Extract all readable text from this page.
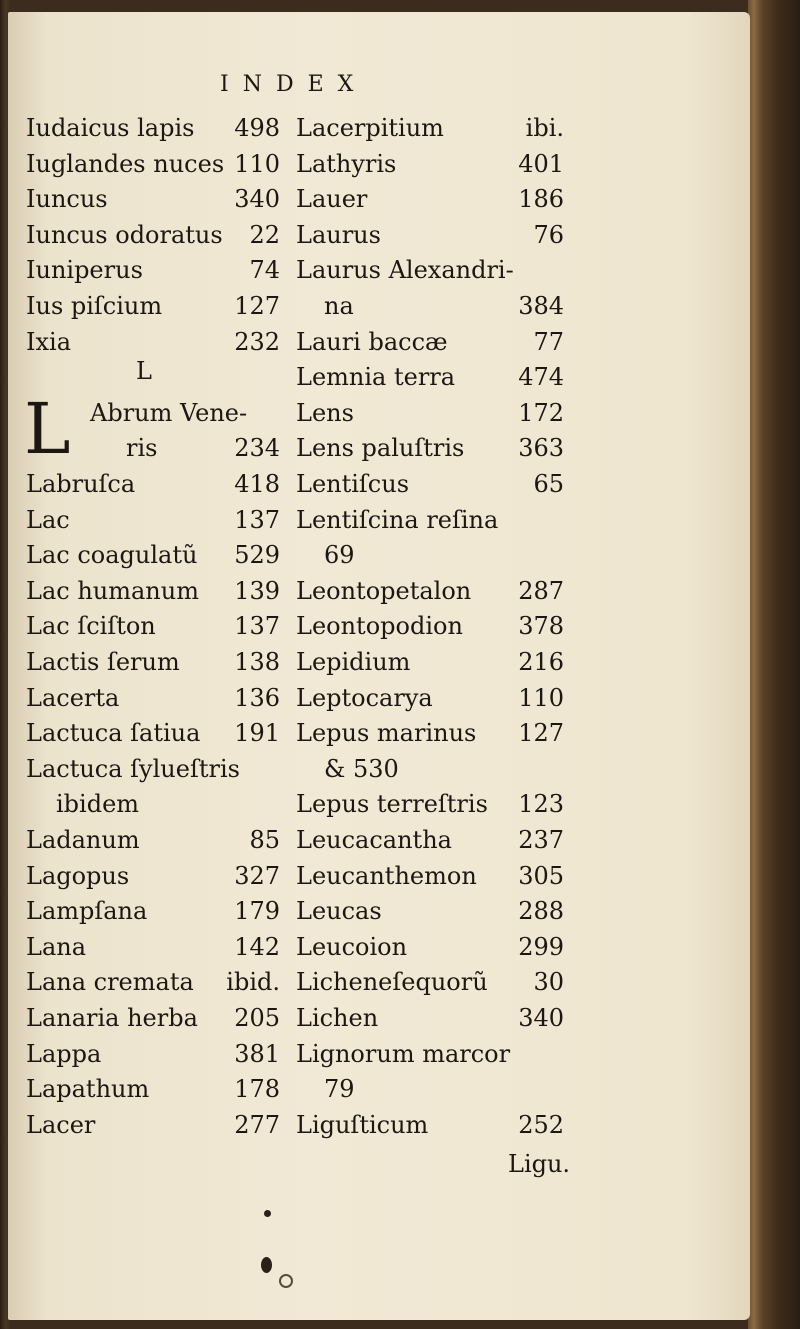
INDEX
L
L
Iudaicus lapis 498
Iuglandes nuces 110
Iuncus	340
Iuncus odoratus 22
Iuniperus	74
Ius piſcium	127
Ixia	232
Abrum Vene-
ris	234
Labruſca	418
Lac	137
Lac coagulatũ 529
Lac humanum 139
Lac ſciſton	137
Lactis ſerum 138
Lacerta	136
Lactuca ſatiua 191
Lactuca ſylueſtris
ibidem
Ladanum	85
Lagopus	327
Lampſana	179
Lana	142
Lana cremata ibid.
Lanaria herba 205
Lappa	381
Lapathum	178
Lacer	277
Lacerpitium	ibi.
Lathyris	401
Lauer	186
Laurus	76
Laurus Alexandri-
na	384
Lauri baccæ	77
Lemnia terra	474
Lens	172
Lens paluſtris 363
Lentiſcus	65
Lentiſcina reſina
69
Leontopetalon 287
Leontopodion 378
Lepidium	216
Leptocarya	110
Lepus marinus 127
& 530
Lepus terreſtris 123
Leucacantha	237
Leucanthemon 305
Leucas	288
Leucoion	299
Licheneſequorũ 30
Lichen	340
Lignorum marcor
79
Liguſticum	252
Ligu.
